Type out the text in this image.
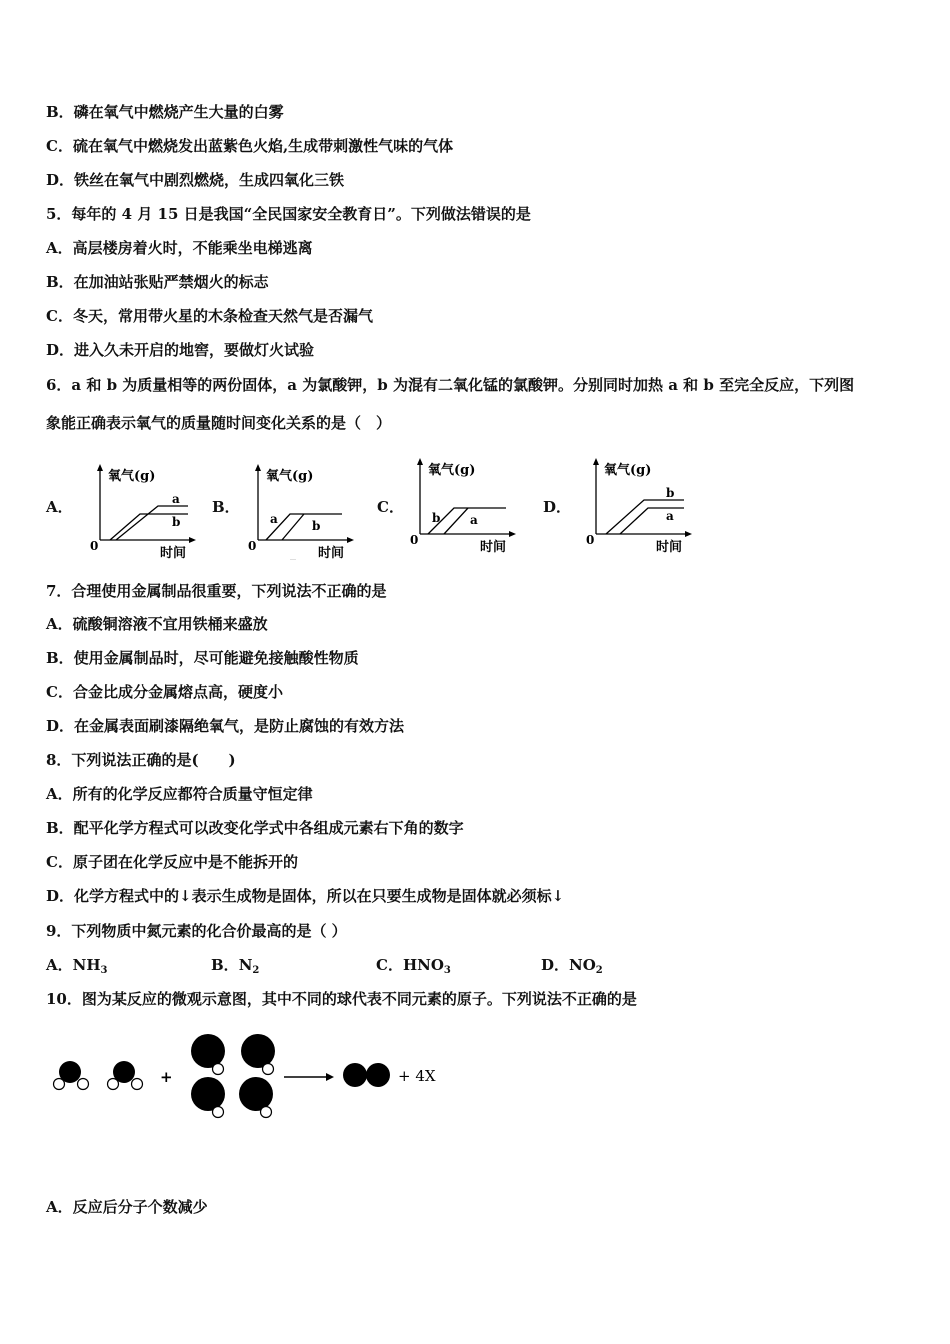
B．磷在氧气中燃烧产生大量的白雾
C．硫在氧气中燃烧发出蓝紫色火焰,生成带刺激性气味的气体
D．铁丝在氧气中剧烈燃烧，生成四氧化三铁
5．每年的 4 月 15 日是我国“全民国家安全教育日”。下列做法错误的是
A．高层楼房着火时，不能乘坐电梯逃离
B．在加油站张贴严禁烟火的标志
C．冬天，常用带火星的木条检查天然气是否漏气
D．进入久未开启的地窖，要做灯火试验
6．a 和 b 为质量相等的两份固体，a 为氯酸钾，b 为混有二氧化锰的氯酸钾。分别同时加热 a 和 b 至完全反应，下列图
象能正确表示氧气的质量随时间变化关系的是（　）
A．
氧气(g)
时间
0
a
b
B．
氧气(g)
时间
0
_
a	b
C．
氧气(g)
时间
0
b a
D．
氧气(g)
时间
0
b
a
7．合理使用金属制品很重要，下列说法不正确的是
A．硫酸铜溶液不宜用铁桶来盛放
B．使用金属制品时，尽可能避免接触酸性物质
C．合金比成分金属熔点高，硬度小
D．在金属表面刷漆隔绝氧气，是防止腐蚀的有效方法
8．下列说法正确的是(　　)
A．所有的化学反应都符合质量守恒定律
B．配平化学方程式可以改变化学式中各组成元素右下角的数字
C．原子团在化学反应中是不能拆开的
D．化学方程式中的↓表示生成物是固体，所以在只要生成物是固体就必须标↓
9．下列物质中氮元素的化合价最高的是（ ）
A．$NH_3$	B．$N_2$	C．$HNO_3$	D．$NO_2$
10．图为某反应的微观示意图，其中不同的球代表不同元素的原子。下列说法不正确的是
+	+ 4X
A．反应后分子个数减少
